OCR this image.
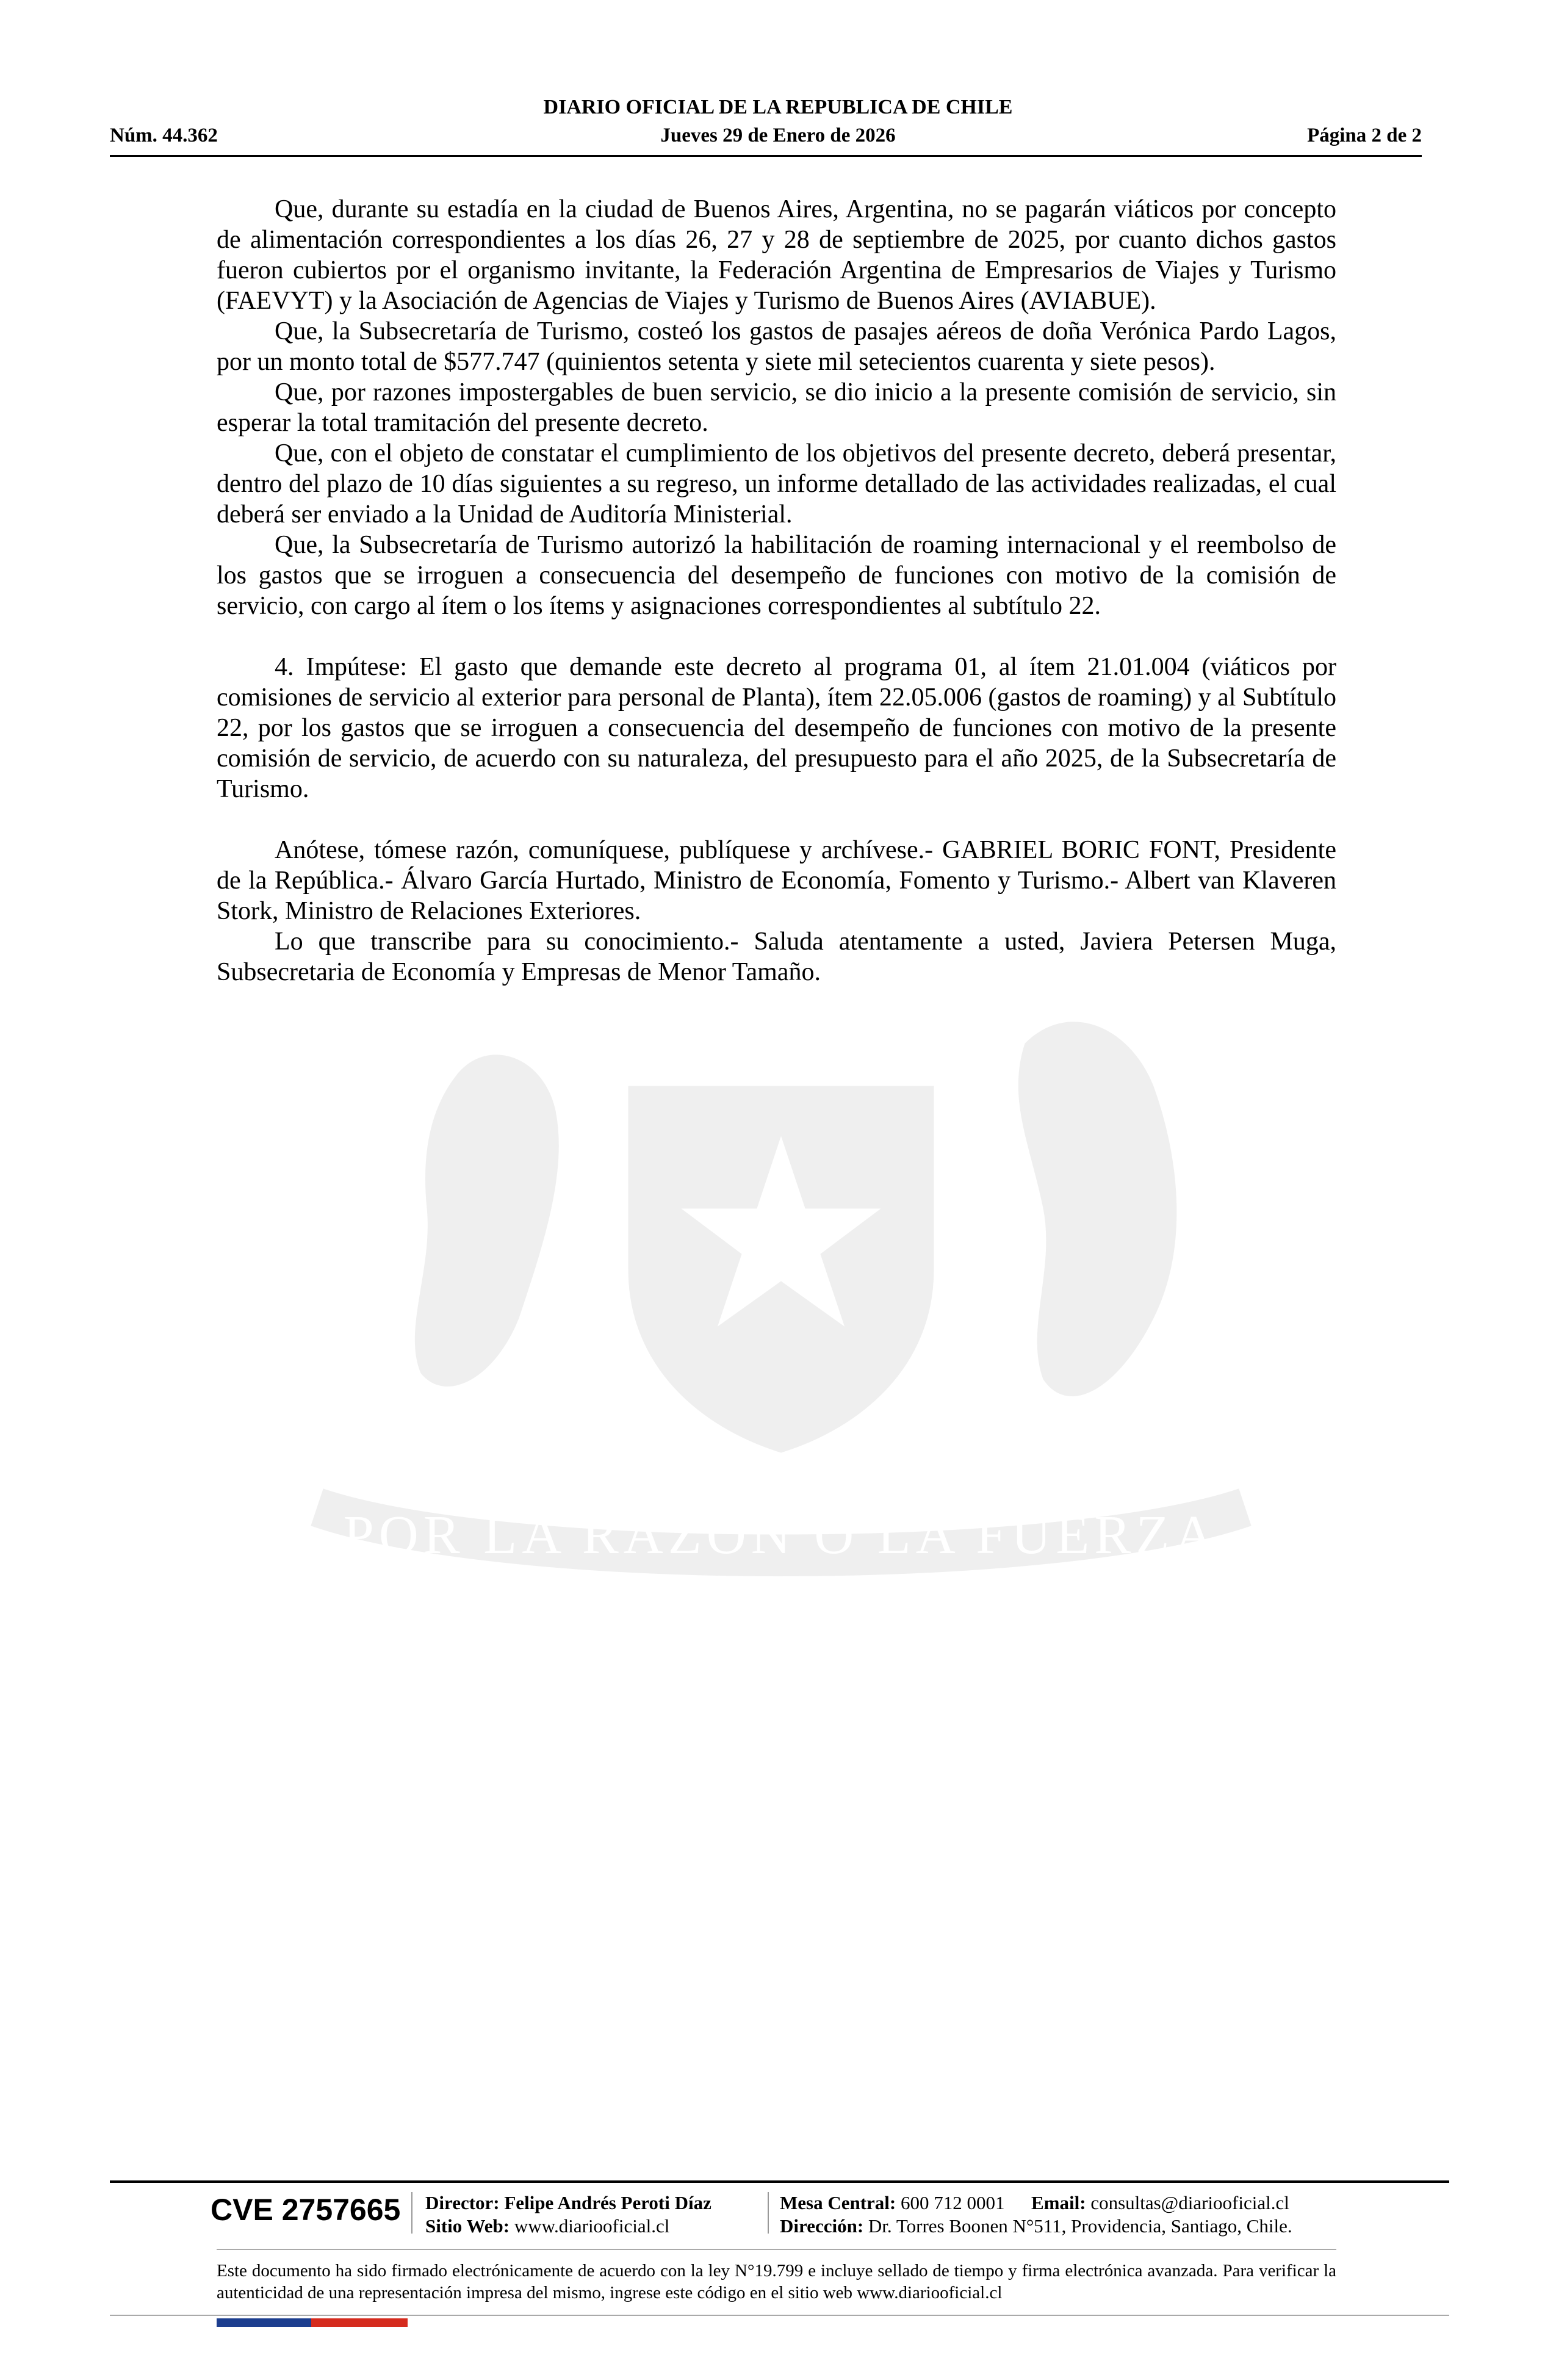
POR LA RAZÓN O LA FUERZA
DIARIO OFICIAL DE LA REPUBLICA DE CHILE
Núm. 44.362	Jueves 29 de Enero de 2026	Página 2 de 2

Que, durante su estadía en la ciudad de Buenos Aires, Argentina, no se pagarán viáticos por concepto de alimentación correspondientes a los días 26, 27 y 28 de septiembre de 2025, por cuanto dichos gastos fueron cubiertos por el organismo invitante, la Federación Argentina de Empresarios de Viajes y Turismo (FAEVYT) y la Asociación de Agencias de Viajes y Turismo de Buenos Aires (AVIABUE).

Que, la Subsecretaría de Turismo, costeó los gastos de pasajes aéreos de doña Verónica Pardo Lagos, por un monto total de $577.747 (quinientos setenta y siete mil setecientos cuarenta y siete pesos).

Que, por razones impostergables de buen servicio, se dio inicio a la presente comisión de servicio, sin esperar la total tramitación del presente decreto.

Que, con el objeto de constatar el cumplimiento de los objetivos del presente decreto, deberá presentar, dentro del plazo de 10 días siguientes a su regreso, un informe detallado de las actividades realizadas, el cual deberá ser enviado a la Unidad de Auditoría Ministerial.

Que, la Subsecretaría de Turismo autorizó la habilitación de roaming internacional y el reembolso de los gastos que se irroguen a consecuencia del desempeño de funciones con motivo de la comisión de servicio, con cargo al ítem o los ítems y asignaciones correspondientes al subtítulo 22.

4. Impútese: El gasto que demande este decreto al programa 01, al ítem 21.01.004 (viáticos por comisiones de servicio al exterior para personal de Planta), ítem 22.05.006 (gastos de roaming) y al Subtítulo 22, por los gastos que se irroguen a consecuencia del desempeño de funciones con motivo de la presente comisión de servicio, de acuerdo con su naturaleza, del presupuesto para el año 2025, de la Subsecretaría de Turismo.

Anótese, tómese razón, comuníquese, publíquese y archívese.- GABRIEL BORIC FONT, Presidente de la República.- Álvaro García Hurtado, Ministro de Economía, Fomento y Turismo.- Albert van Klaveren Stork, Ministro de Relaciones Exteriores.

Lo que transcribe para su conocimiento.- Saluda atentamente a usted, Javiera Petersen Muga, Subsecretaria de Economía y Empresas de Menor Tamaño.

CVE 2757665 Director: Felipe Andrés Peroti Díaz
Sitio Web: www.diariooficial.cl
Mesa Central: 600 712 0001 Email: consultas@diariooficial.cl
Dirección: Dr. Torres Boonen N°511, Providencia, Santiago, Chile.
Este documento ha sido firmado electrónicamente de acuerdo con la ley N°19.799 e incluye sellado de tiempo y firma electrónica avanzada. Para verificar la autenticidad de una representación impresa del mismo, ingrese este código en el sitio web www.diariooficial.cl
